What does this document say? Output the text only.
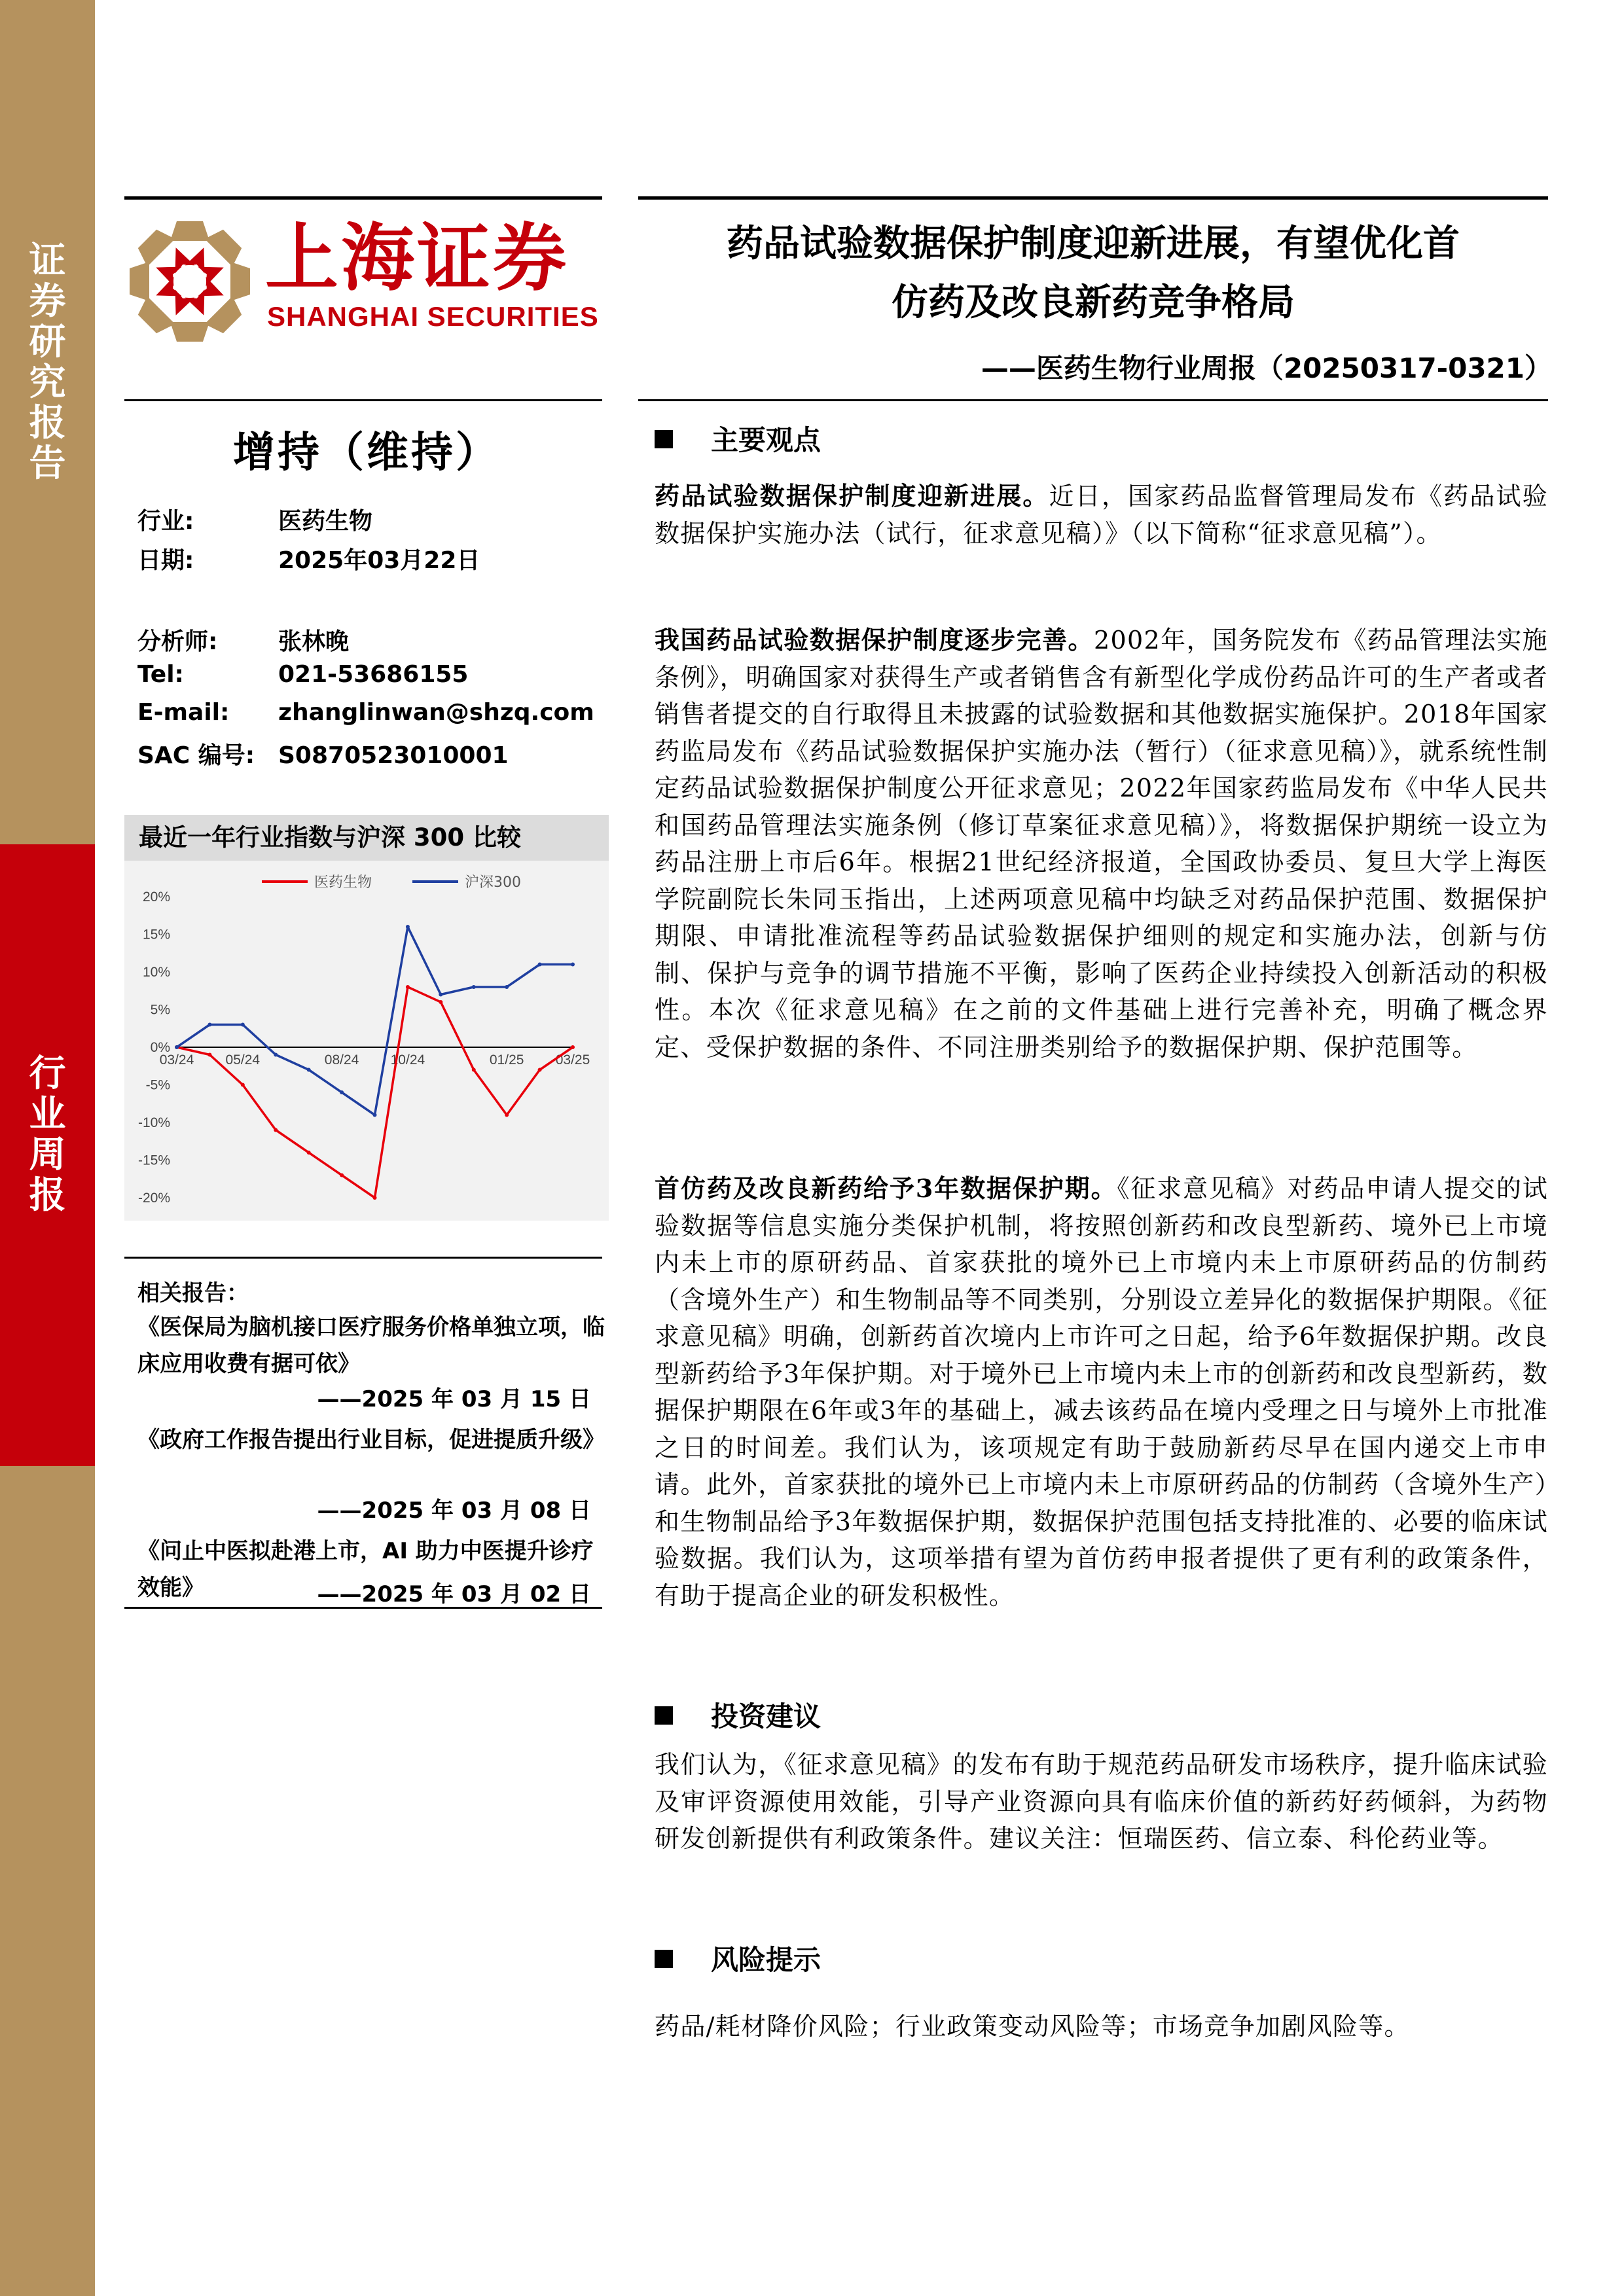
证
券
研
究
报
告
行
业
周
报
上海证券
SHANGHAI SECURITIES
药品试验数据保护制度迎新进展，有望优化首
仿药及改良新药竞争格局
——医药生物行业周报（20250317-0321）
增持（维持）
行业:	医药生物
日期:	2025年03月22日
分析师:	张林晚
Tel:	021-53686155
E-mail: zhanglinwan@shzq.com
SAC 编号: S0870523010001
最近一年行业指数与沪深 300 比较
20%
15%
10%
5%
0%
-5%
-10%
-15%
-20%
03/24 05/24	08/24 10/24	01/25 03/25
医药生物	沪深300
相关报告：
《医保局为脑机接口医疗服务价格单独立项，临床应用收费有据可依》
——2025 年 03 月 15 日
《政府工作报告提出行业目标，促进提质升级》
——2025 年 03 月 08 日
《问止中医拟赴港上市，AI 助力中医提升诊疗效能》	——2025 年 03 月 02 日
主要观点
药品试验数据保护制度迎新进展。近日，国家药品监督管理局发布《药品试验数据保护实施办法（试行，征求意见稿）》（以下简称“征求意见稿”）。
我国药品试验数据保护制度逐步完善。2002年，国务院发布《药品管理法实施条例》，明确国家对获得生产或者销售含有新型化学成份药品许可的生产者或者销售者提交的自行取得且未披露的试验数据和其他数据实施保护。2018年国家药监局发布《药品试验数据保护实施办法（暂行）（征求意见稿）》，就系统性制定药品试验数据保护制度公开征求意见；2022年国家药监局发布《中华人民共和国药品管理法实施条例（修订草案征求意见稿）》，将数据保护期统一设立为药品注册上市后6年。根据21世纪经济报道，全国政协委员、复旦大学上海医学院副院长朱同玉指出，上述两项意见稿中均缺乏对药品保护范围、数据保护期限、申请批准流程等药品试验数据保护细则的规定和实施办法，创新与仿制、保护与竞争的调节措施不平衡，影响了医药企业持续投入创新活动的积极性。本次《征求意见稿》在之前的文件基础上进行完善补充，明确了概念界定、受保护数据的条件、不同注册类别给予的数据保护期、保护范围等。
首仿药及改良新药给予3年数据保护期。《征求意见稿》对药品申请人提交的试验数据等信息实施分类保护机制，将按照创新药和改良型新药、境外已上市境内未上市的原研药品、首家获批的境外已上市境内未上市原研药品的仿制药（含境外生产）和生物制品等不同类别，分别设立差异化的数据保护期限。《征求意见稿》明确，创新药首次境内上市许可之日起，给予6年数据保护期。改良型新药给予3年保护期。对于境外已上市境内未上市的创新药和改良型新药，数据保护期限在6年或3年的基础上，减去该药品在境内受理之日与境外上市批准之日的时间差。我们认为，该项规定有助于鼓励新药尽早在国内递交上市申请。此外，首家获批的境外已上市境内未上市原研药品的仿制药（含境外生产）和生物制品给予3年数据保护期，数据保护范围包括支持批准的、必要的临床试验数据。我们认为，这项举措有望为首仿药申报者提供了更有利的政策条件，有助于提高企业的研发积极性。
投资建议
我们认为，《征求意见稿》的发布有助于规范药品研发市场秩序，提升临床试验及审评资源使用效能，引导产业资源向具有临床价值的新药好药倾斜，为药物研发创新提供有利政策条件。建议关注：恒瑞医药、信立泰、科伦药业等。
风险提示
药品/耗材降价风险；行业政策变动风险等；市场竞争加剧风险等。
